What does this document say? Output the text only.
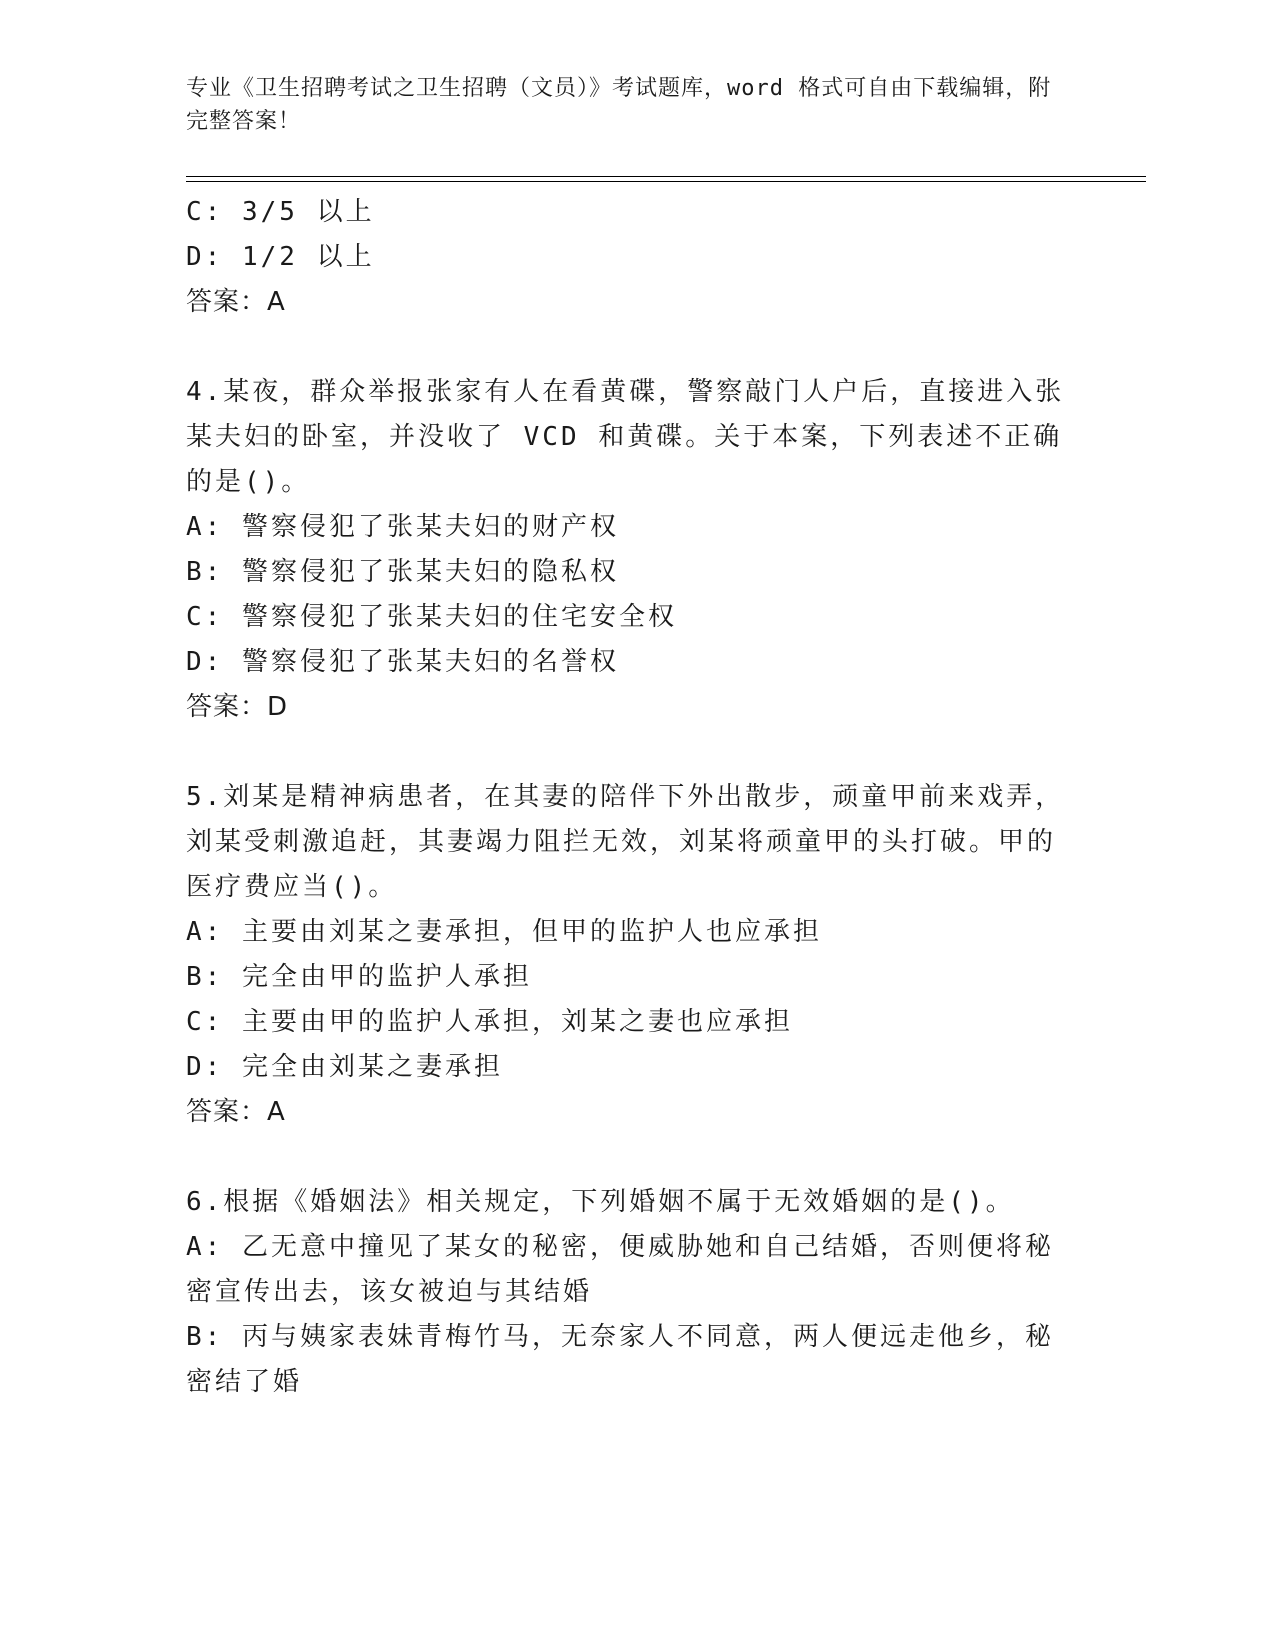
专业《卫生招聘考试之卫生招聘（文员）》考试题库，word 格式可自由下载编辑，附完整答案！
C: 3/5 以上
D: 1/2 以上
答案：A
4.某夜，群众举报张家有人在看黄碟，警察敲门人户后，直接进入张某夫妇的卧室，并没收了 VCD 和黄碟。关于本案，下列表述不正确的是()。
A: 警察侵犯了张某夫妇的财产权
B: 警察侵犯了张某夫妇的隐私权
C: 警察侵犯了张某夫妇的住宅安全权
D: 警察侵犯了张某夫妇的名誉权
答案：D
5.刘某是精神病患者，在其妻的陪伴下外出散步，顽童甲前来戏弄，刘某受刺激追赶，其妻竭力阻拦无效，刘某将顽童甲的头打破。甲的医疗费应当()。
A: 主要由刘某之妻承担，但甲的监护人也应承担
B: 完全由甲的监护人承担
C: 主要由甲的监护人承担，刘某之妻也应承担
D: 完全由刘某之妻承担
答案：A
6.根据《婚姻法》相关规定，下列婚姻不属于无效婚姻的是()。
A: 乙无意中撞见了某女的秘密，便威胁她和自己结婚，否则便将秘密宣传出去，该女被迫与其结婚
B: 丙与姨家表妹青梅竹马，无奈家人不同意，两人便远走他乡，秘密结了婚
